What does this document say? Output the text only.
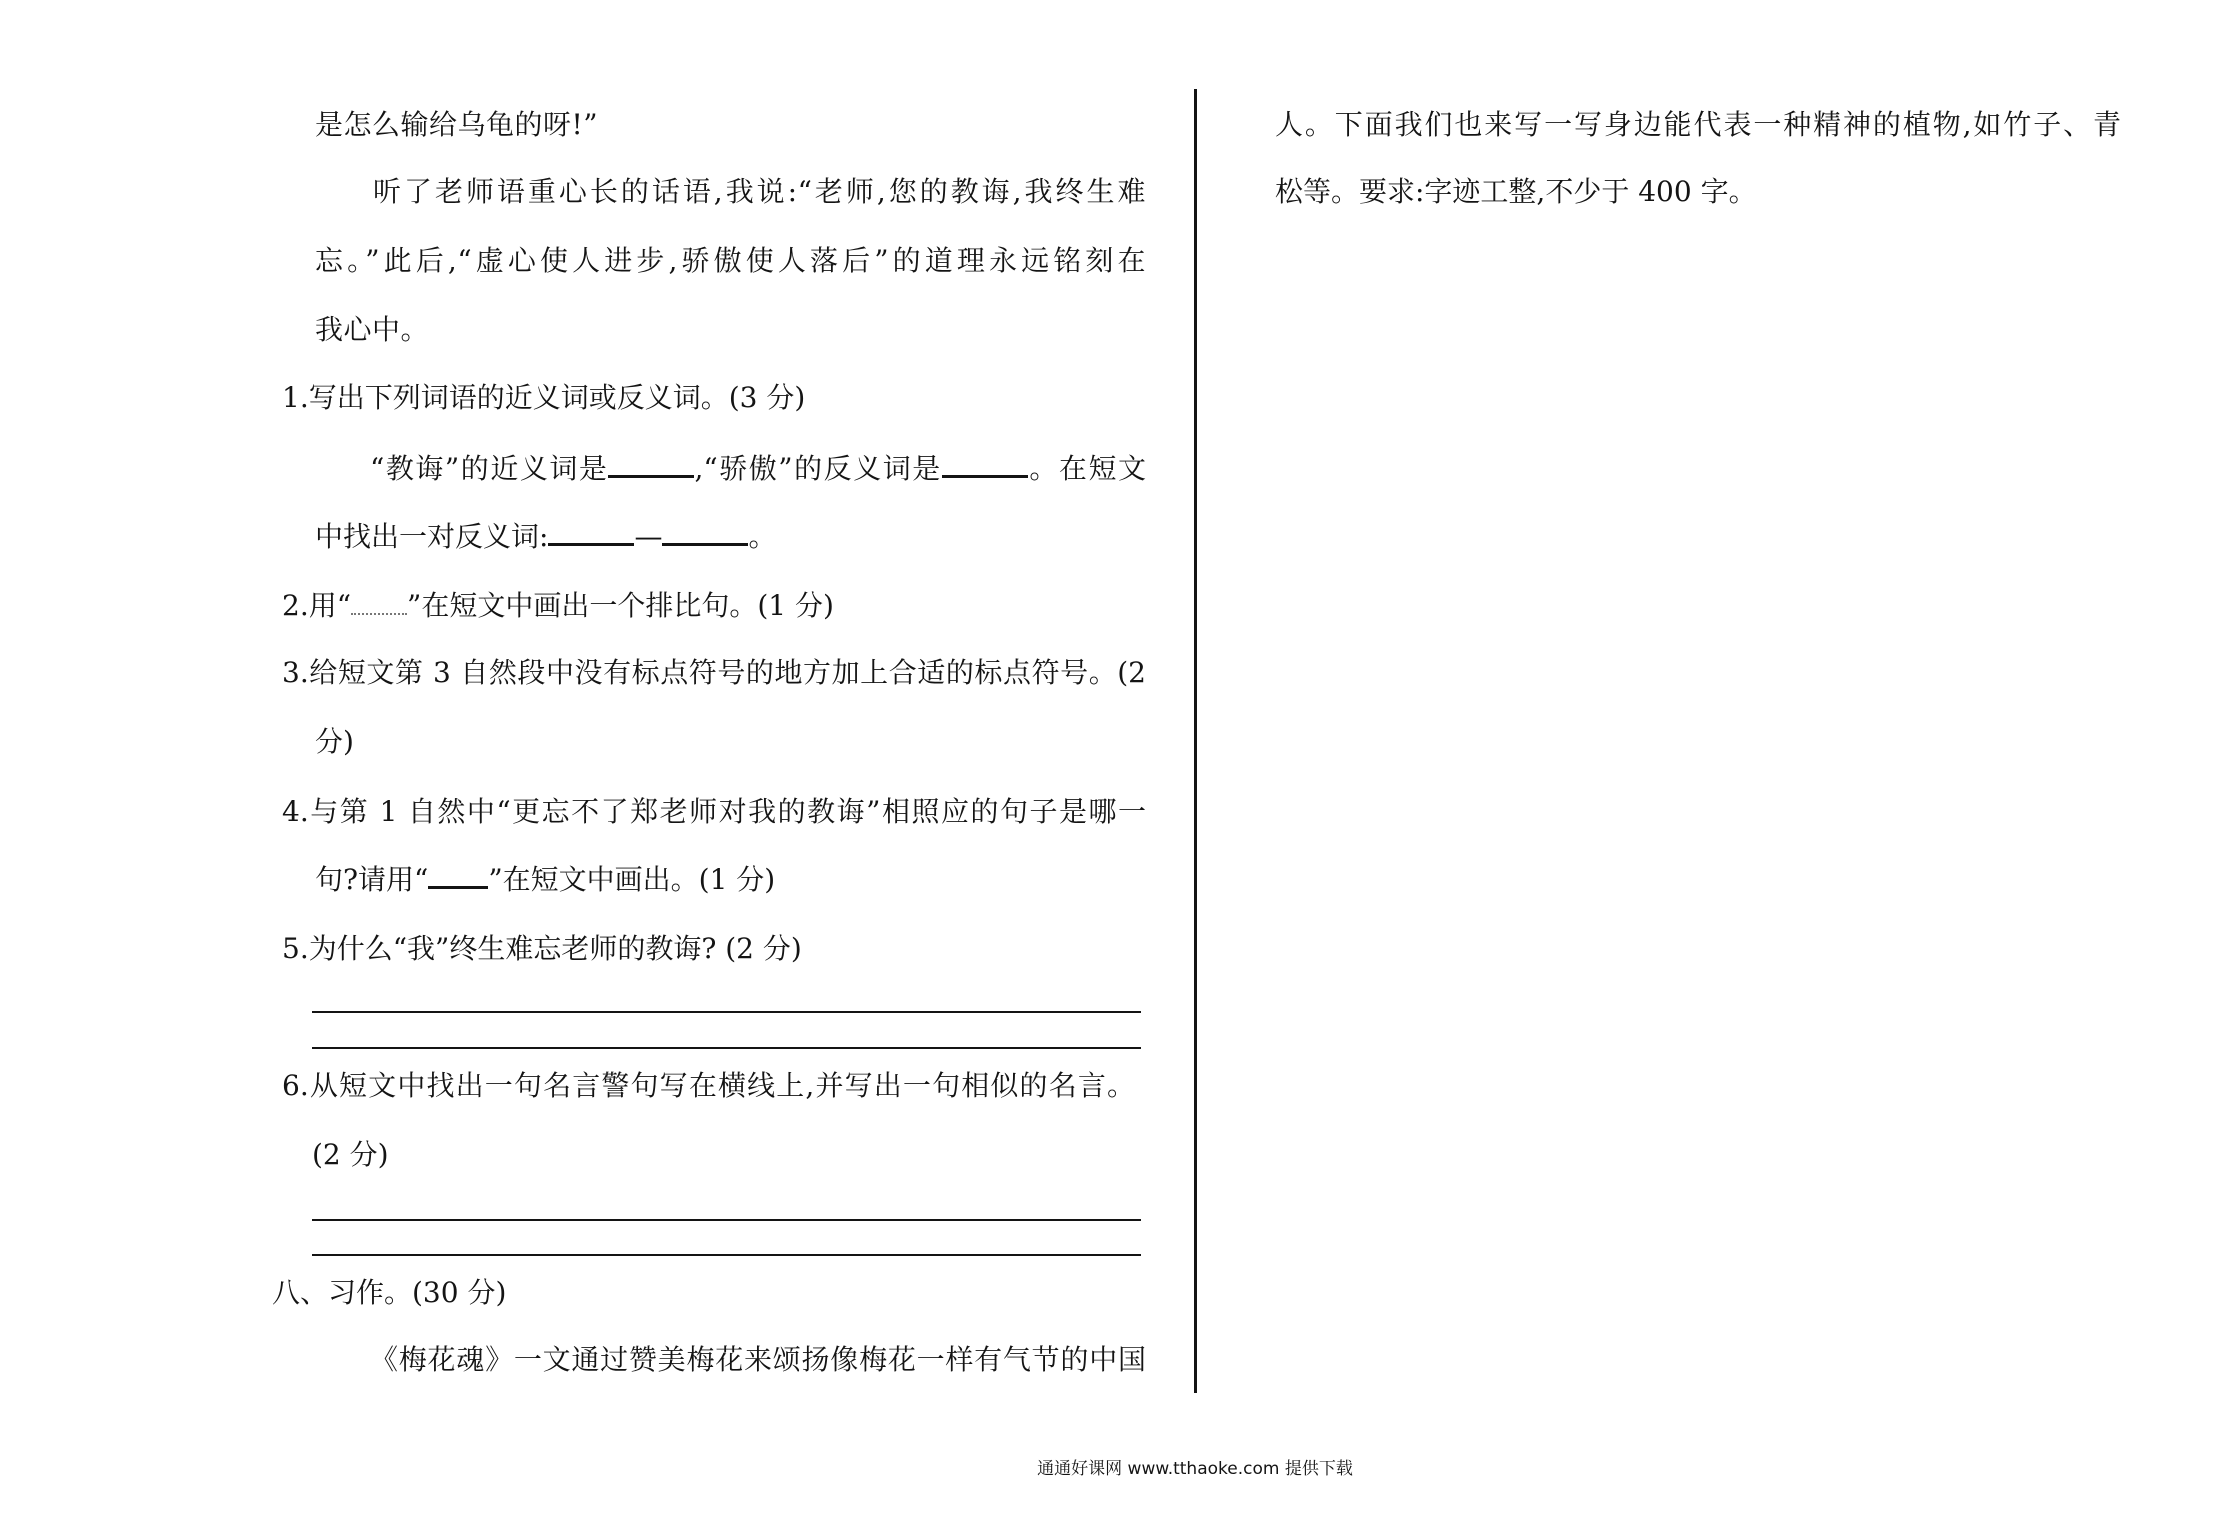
是怎么输给乌龟的呀!”
听了老师语重心长的话语,我说:“老师,您的教诲,我终生难
忘。”此后,“虚心使人进步,骄傲使人落后”的道理永远铭刻在
我心中。
1.写出下列词语的近义词或反义词。(3 分)
“教诲”的近义词是	,“骄傲”的反义词是	。在短文
中找出一对反义词:	—	。
2.用“ ”在短文中画出一个排比句。(1 分)
3.给短文第 3 自然段中没有标点符号的地方加上合适的标点符号。(2
分)
4.与第 1 自然中“更忘不了郑老师对我的教诲”相照应的句子是哪一
句?请用“ ”在短文中画出。(1 分)
5.为什么“我”终生难忘老师的教诲? (2 分)
6.从短文中找出一句名言警句写在横线上,并写出一句相似的名言。
(2 分)
八、习作。(30 分)
《梅花魂》一文通过赞美梅花来颂扬像梅花一样有气节的中国
人。下面我们也来写一写身边能代表一种精神的植物,如竹子、青
松等。要求:字迹工整,不少于 400 字。
通通好课网 www.tthaoke.com 提供下载
